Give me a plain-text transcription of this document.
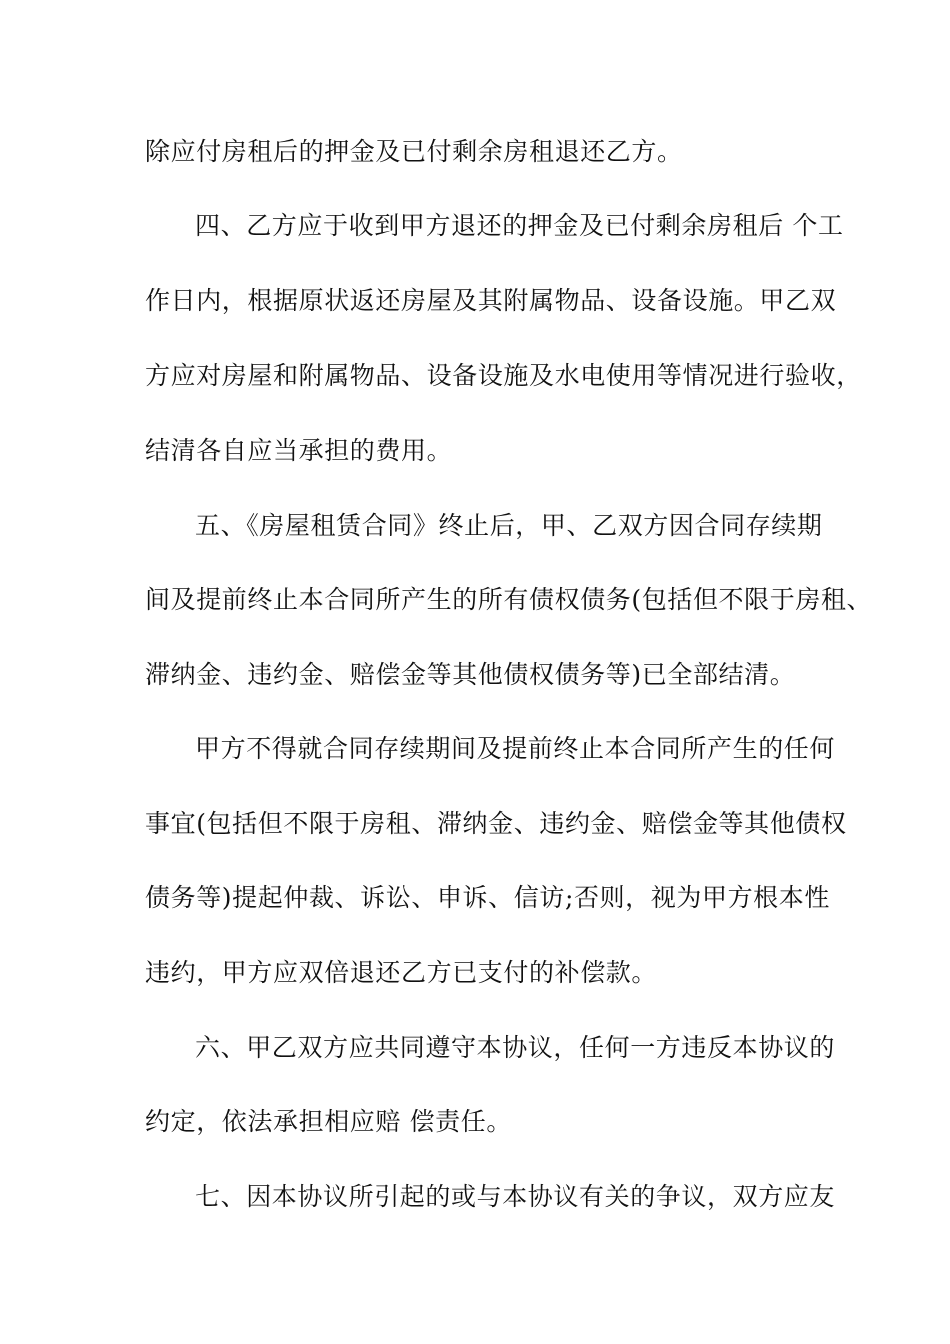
除应付房租后的押金及已付剩余房租退还乙方。
四、乙方应于收到甲方退还的押金及已付剩余房租后 个工
作日内，根据原状返还房屋及其附属物品、设备设施。甲乙双
方应对房屋和附属物品、设备设施及水电使用等情况进行验收，
结清各自应当承担的费用。
五、《房屋租赁合同》终止后，甲、乙双方因合同存续期
间及提前终止本合同所产生的所有债权债务(包括但不限于房租、
滞纳金、违约金、赔偿金等其他债权债务等)已全部结清。
甲方不得就合同存续期间及提前终止本合同所产生的任何
事宜(包括但不限于房租、滞纳金、违约金、赔偿金等其他债权
债务等)提起仲裁、诉讼、申诉、信访;否则，视为甲方根本性
违约，甲方应双倍退还乙方已支付的补偿款。
六、甲乙双方应共同遵守本协议，任何一方违反本协议的
约定，依法承担相应赔 偿责任。
七、因本协议所引起的或与本协议有关的争议，双方应友
